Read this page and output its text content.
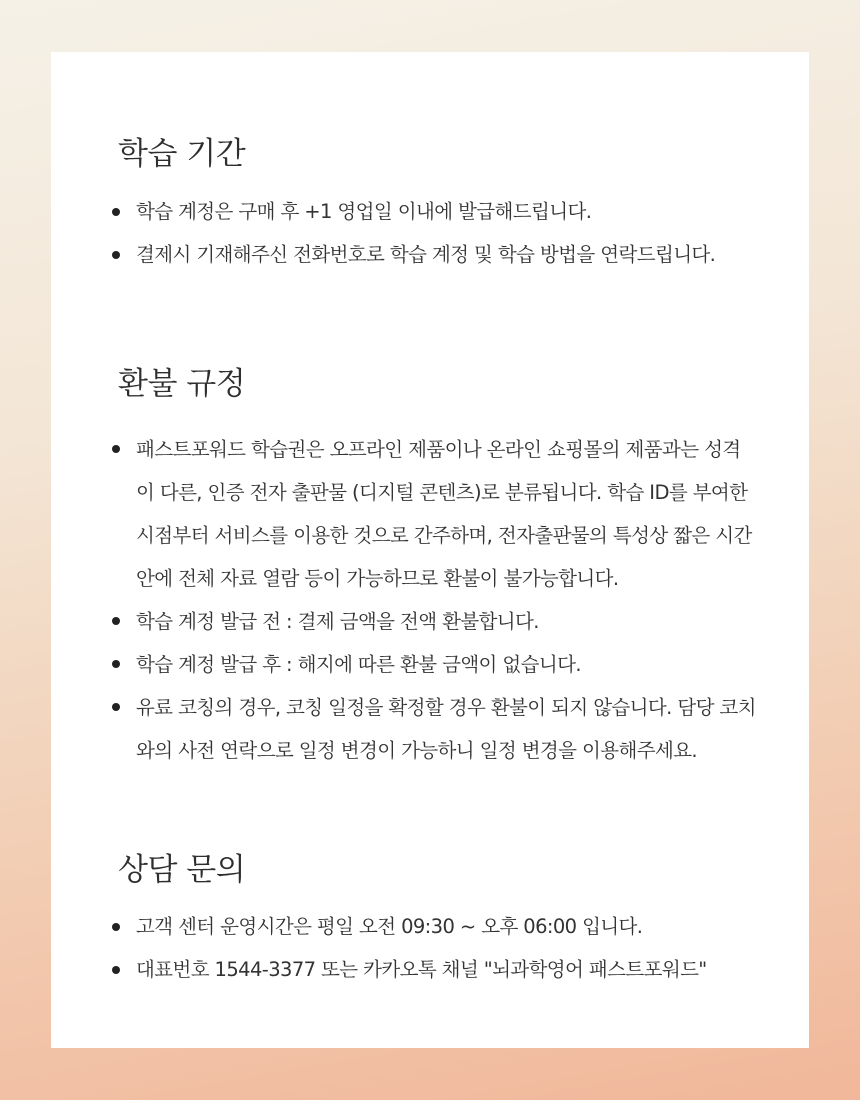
학습 기간
학습 계정은 구매 후 +1 영업일 이내에 발급해드립니다.
결제시 기재해주신 전화번호로 학습 계정 및 학습 방법을 연락드립니다.
환불 규정
패스트포워드 학습권은 오프라인 제품이나 온라인 쇼핑몰의 제품과는 성격이 다른, 인증 전자 출판물 (디지털 콘텐츠)로 분류됩니다. 학습 ID를 부여한 시점부터 서비스를 이용한 것으로 간주하며, 전자출판물의 특성상 짧은 시간 안에 전체 자료 열람 등이 가능하므로 환불이 불가능합니다.
학습 계정 발급 전 : 결제 금액을 전액 환불합니다.
학습 계정 발급 후 : 해지에 따른 환불 금액이 없습니다.
유료 코칭의 경우, 코칭 일정을 확정할 경우 환불이 되지 않습니다. 담당 코치와의 사전 연락으로 일정 변경이 가능하니 일정 변경을 이용해주세요.
상담 문의
고객 센터 운영시간은 평일 오전 09:30 ~ 오후 06:00 입니다.
대표번호 1544-3377 또는 카카오톡 채널 "뇌과학영어 패스트포워드"
